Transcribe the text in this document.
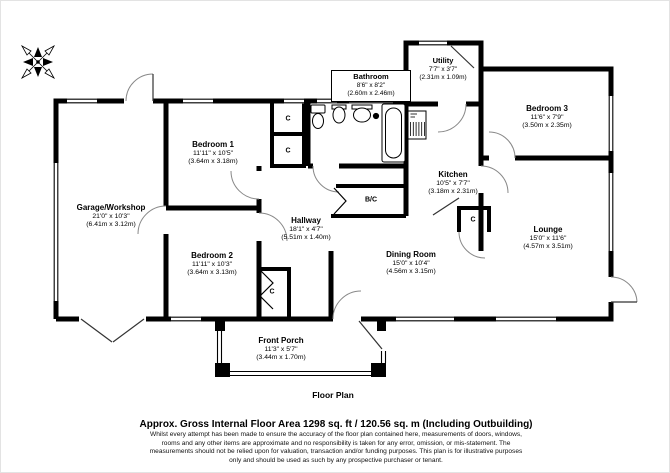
Garage/Workshop
21'0" x 10'3"
(6.41m x 3.12m)
Bedroom 1
11'11" x 10'5"
(3.64m x 3.18m)
Bedroom 2
11'11" x 10'3"
(3.64m x 3.13m)
Hallway
18'1" x 4'7"
(5.51m x 1.40m)
Bathroom
8'6" x 8'2"
(2.60m x 2.46m)
Utility
7'7" x 3'7"
(2.31m x 1.09m)
Kitchen
10'5" x 7'7"
(3.18m x 2.31m)
Bedroom 3
11'6" x 7'9"
(3.50m x 2.35m)
Lounge
15'0" x 11'6"
(4.57m x 3.51m)
Dining Room
15'0" x 10'4"
(4.56m x 3.15m)
Front Porch
11'3" x 5'7"
(3.44m x 1.70m)
C
C
C
C
B/C
Floor Plan
Approx. Gross Internal Floor Area 1298 sq. ft / 120.56 sq. m (Including Outbuilding)
Whilst every attempt has been made to ensure the accuracy of the floor plan contained here, measurements of doors, windows,
rooms and any other items are approximate and no responsibility is taken for any error, omission, or mis-statement. The
measurements should not be relied upon for valuation, transaction and/or funding purposes. This plan is for illustrative purposes
only and should be used as such by any prospective purchaser or tenant.
